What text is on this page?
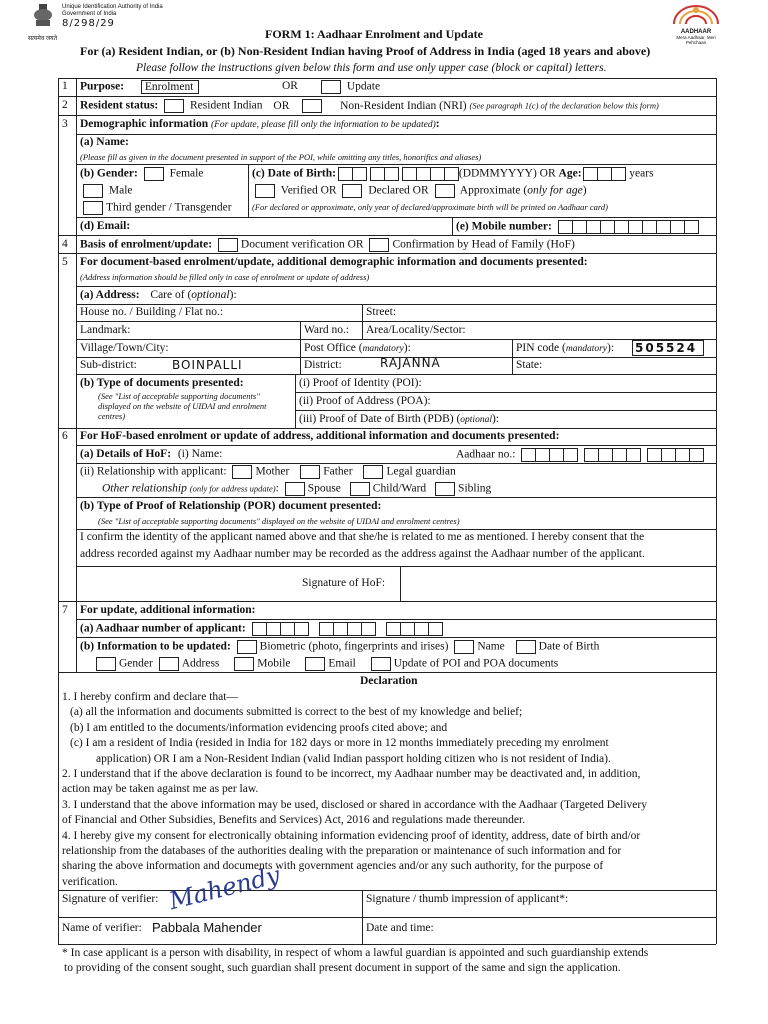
सत्यमेव जयते
Unique Identification Authority of India
Government of India
8/298/29
FORM 1: Aadhaar Enrolment and Update
For (a) Resident Indian, or (b) Non-Resident Indian having Proof of Address in India (aged 18 years and above)
Please follow the instructions given below this form and use only upper case (block or capital) letters.
AADHAAR
Mera Aadhaar, Meri Pehchaan
1 Purpose: Enrolment	OR	Update
2 Resident status:	Resident Indian OR	Non-Resident Indian (NRI) (See paragraph 1(c) of the declaration below this form)
3 Demographic information (For update, please fill only the information to be updated):
(a) Name:
(Please fill as given in the document presented in support of the POI, while omitting any titles, honorifics and aliases)
(b) Gender:	Female
Male
Third gender / Transgender
(c) Date of Birth:	(DDMMYYYY) OR Age:	years
Verified OR	Declared OR	Approximate (only for age)
(For declared or approximate, only year of declared/approximate birth will be printed on Aadhaar card)
(d) Email:	(e) Mobile number:
4 Basis of enrolment/update:	Document verification OR	Confirmation by Head of Family (HoF)
5 For document-based enrolment/update, additional demographic information and documents presented:
(Address information should be filled only in case of enrolment or update of address)
(a) Address: Care of (optional):
House no. / Building / Flat no.:	Street:
Landmark:	Ward no.: Area/Locality/Sector:
Village/Town/City:	Post Office (mandatory):	PIN code (mandatory): 505524
Sub-district:	BOINPALLI	District:	RAJANNA	State:
(b) Type of documents presented:
(See "List of acceptable supporting documents" displayed on the website of UIDAI and enrolment centres)
(i) Proof of Identity (POI):
(ii) Proof of Address (POA):
(iii) Proof of Date of Birth (PDB) (optional):
6 For HoF-based enrolment or update of address, additional information and documents presented:
(a) Details of HoF: (i) Name:	Aadhaar no.:
(ii) Relationship with applicant:	Mother	Father	Legal guardian
Other relationship (only for address update):	Spouse	Child/Ward	Sibling
(b) Type of Proof of Relationship (POR) document presented:
(See "List of acceptable supporting documents" displayed on the website of UIDAI and enrolment centres)
I confirm the identity of the applicant named above and that she/he is related to me as mentioned. I hereby consent that the
address recorded against my Aadhaar number may be recorded as the address against the Aadhaar number of the applicant.
Signature of HoF:
7 For update, additional information:
(a) Aadhaar number of applicant:
(b) Information to be updated:	Biometric (photo, fingerprints and irises)	Name	Date of Birth
Gender	Address	Mobile	Email	Update of POI and POA documents
Declaration
1. I hereby confirm and declare that—
(a) all the information and documents submitted is correct to the best of my knowledge and belief;
(b) I am entitled to the documents/information evidencing proofs cited above; and
(c) I am a resident of India (resided in India for 182 days or more in 12 months immediately preceding my enrolment
application) OR I am a Non-Resident Indian (valid Indian passport holding citizen who is not resident of India).
2. I understand that if the above declaration is found to be incorrect, my Aadhaar number may be deactivated and, in addition,
action may be taken against me as per law.
3. I understand that the above information may be used, disclosed or shared in accordance with the Aadhaar (Targeted Delivery
of Financial and Other Subsidies, Benefits and Services) Act, 2016 and regulations made thereunder.
4. I hereby give my consent for electronically obtaining information evidencing proof of identity, address, date of birth and/or
relationship from the databases of the authorities dealing with the preparation or maintenance of such information and for
sharing the above information and documents with government agencies and/or any such authority, for the purpose of
verification.
Signature of verifier: Mahendy	Signature / thumb impression of applicant*:
Name of verifier: Pabbala Mahender	Date and time:
* In case applicant is a person with disability, in respect of whom a lawful guardian is appointed and such guardianship extends
to providing of the consent sought, such guardian shall present document in support of the same and sign the application.
